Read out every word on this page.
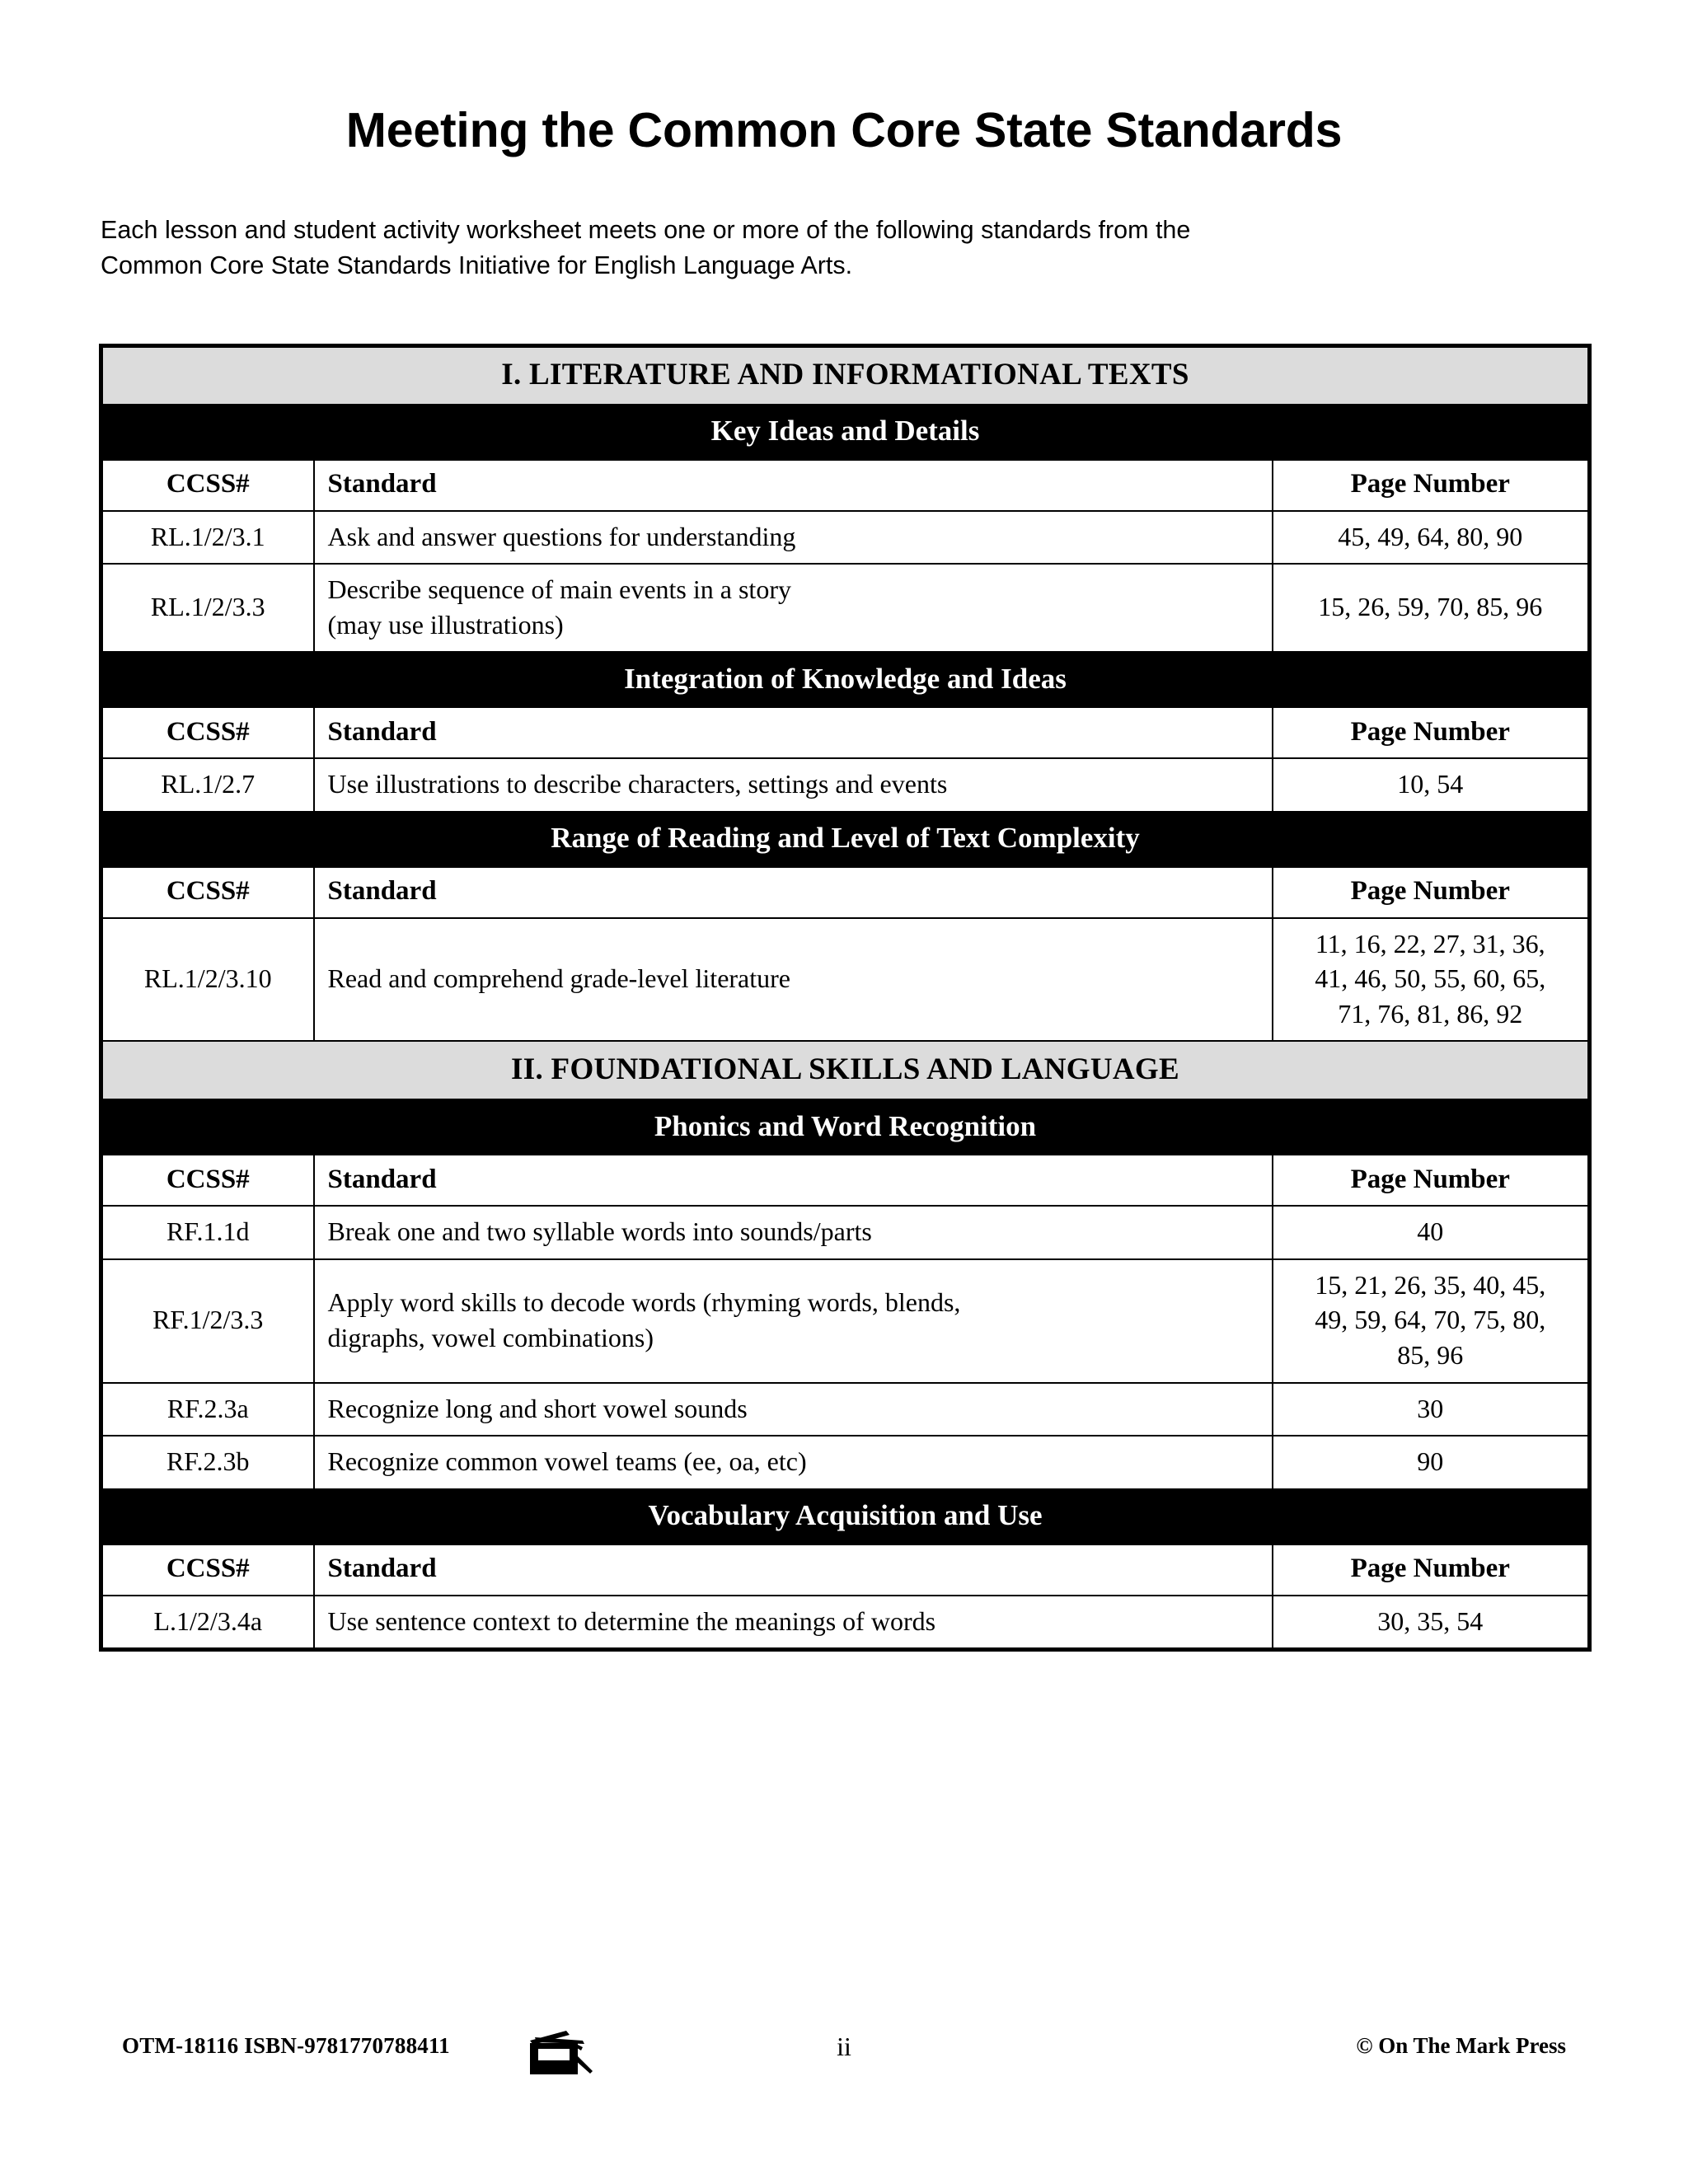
Meeting the Common Core State Standards

Each lesson and student activity worksheet meets one or more of the following standards from the
Common Core State Standards Initiative for English Language Arts.

I. LITERATURE AND INFORMATIONAL TEXTS		
Key Ideas and Details		
CCSS#	Standard	Page Number
RL.1/2/3.1	Ask and answer questions for understanding	45, 49, 64, 80, 90

RL.1/2/3.3	Describe sequence of main events in a story
(may use illustrations)	15, 26, 59, 70, 85, 96

Integration of Knowledge and Ideas		
CCSS#	Standard	Page Number
RL.1/2.7	Use illustrations to describe characters, settings and events	10, 54

Range of Reading and Level of Text Complexity		
CCSS#	Standard	Page Number
RL.1/2/3.10	Read and comprehend grade-level literature	11, 16, 22, 27, 31, 36,
41, 46, 50, 55, 60, 65,
71, 76, 81, 86, 92

II. FOUNDATIONAL SKILLS AND LANGUAGE		
Phonics and Word Recognition		
CCSS#	Standard	Page Number
RF.1.1d	Break one and two syllable words into sounds/parts	40

RF.1/2/3.3	Apply word skills to decode words (rhyming words, blends,
digraphs, vowel combinations)	15, 21, 26, 35, 40, 45,
49, 59, 64, 70, 75, 80,
85, 96

RF.2.3a	Recognize long and short vowel sounds	30

RF.2.3b	Recognize common vowel teams (ee, oa, etc)	90

Vocabulary Acquisition and Use		
CCSS#	Standard	Page Number
L.1/2/3.4a	Use sentence context to determine the meanings of words	30, 35, 54
OTM-18116 ISBN-9781770788411	ii	© On The Mark Press
